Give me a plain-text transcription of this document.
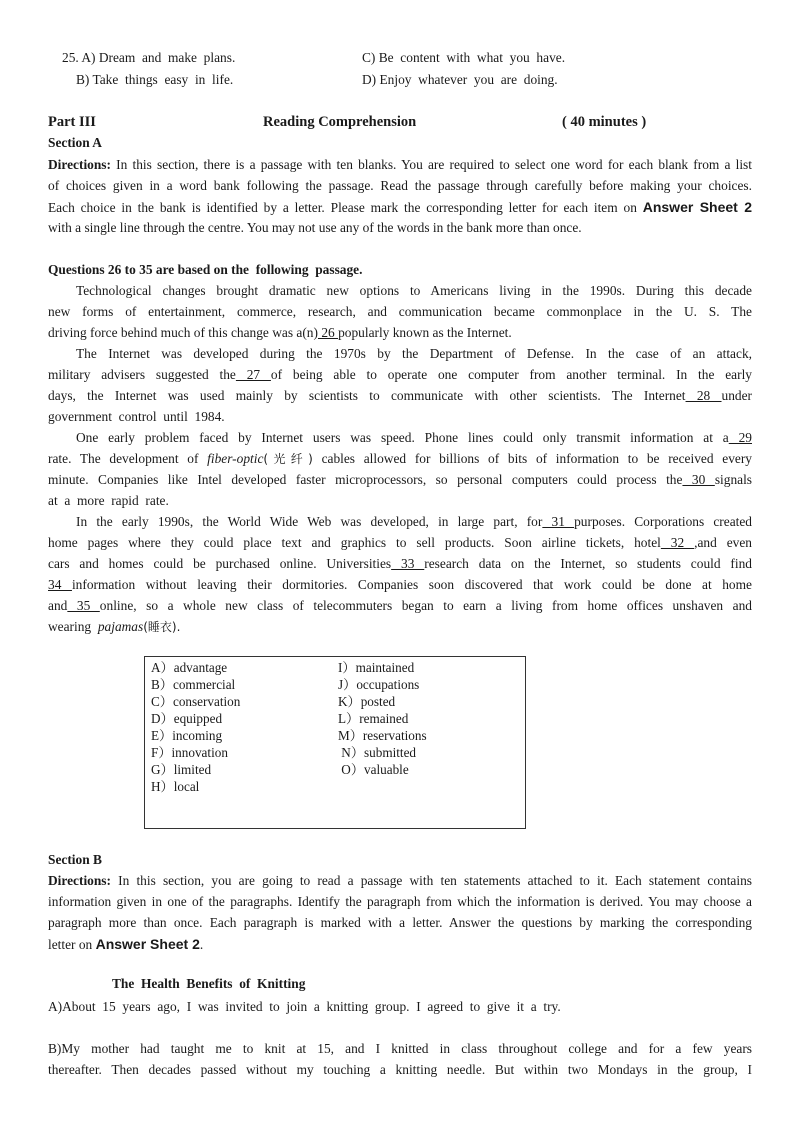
25. A) Dream  and  make  plans.
B) Take  things  easy  in  life.
C) Be  content  with  what  you  have.
D) Enjoy  whatever  you  are  doing.
Part III	Reading Comprehension	( 40 minutes )
Section A
Directions: In this section, there is a passage with ten blanks. You are required to select one word for each blank from a list
of choices given in a word bank following the passage. Read the passage through carefully before making your choices.
Each choice in the bank is identified by a letter. Please mark the corresponding letter for each item on Answer Sheet 2
with a single line through the centre. You may not use any of the words in the bank more than once.
Questions 26 to 35 are based on the  following  passage.
Technological changes brought dramatic new options to Americans living in the 1990s. During this decade
new  forms  of  entertainment,  commerce,  research,  and  communication  became  commonplace  in  the  U.  S.  The
driving force behind much of this change was a(n) 26 popularly known as the Internet.
The Internet was developed during the 1970s by the Department of Defense. In the case of an attack,
military advisers suggested the 27 of being able to operate one computer from another terminal. In the early
days, the Internet was used mainly by scientists to communicate with other scientists. The Internet 28 under
government  control  until  1984.
One early problem faced by Internet users was speed. Phone lines could only transmit information at a 29
rate. The development of fiber-optic(光纤) cables allowed for billions of bits of information to be received every
minute. Companies like Intel developed faster microprocessors, so personal computers could process the 30 signals
at  a  more  rapid  rate.
In the early 1990s, the World Wide Web was developed, in large part, for 31 purposes. Corporations created
home pages where they could place text and graphics to sell products. Soon airline tickets, hotel 32 ,and even
cars and homes could be purchased online. Universities 33 research data on the Internet, so students could find
34 information without leaving their dormitories. Companies soon discovered that work could be done at home
and 35 online, so a whole new class of telecommuters began to earn a living from home offices unshaven and
wearing  pajamas(睡衣).
A）advantage
B）commercial
C）conservation
D）equipped
E）incoming
F）innovation
G）limited
H）local
I）maintained
J）occupations
K）posted
L）remained
M）reservations
N）submitted
O）valuable
Section B
Directions: In this section, you are going to read a passage with ten statements attached to it. Each statement contains
information given in one of the paragraphs. Identify the paragraph from which the information is derived. You may choose a
paragraph more than once. Each paragraph is marked with a letter. Answer the questions by marking the corresponding
letter on Answer Sheet 2.
The  Health  Benefits  of  Knitting
A)About  15  years  ago,  I  was  invited  to  join  a  knitting  group.  I  agreed  to  give  it  a  try.
B)My  mother  had  taught  me  to  knit  at  15,  and  I  knitted  in  class  throughout  college  and  for  a  few  years
thereafter.  Then  decades  passed  without  my  touching  a  knitting  needle.  But  within  two  Mondays  in  the  group,  I
